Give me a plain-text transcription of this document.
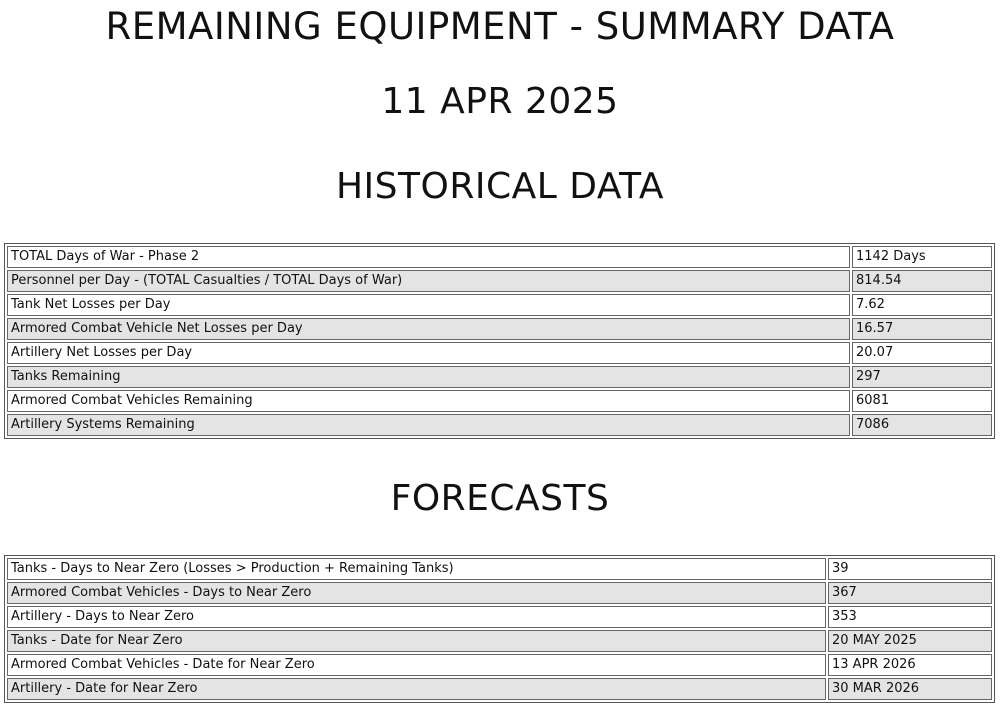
REMAINING EQUIPMENT - SUMMARY DATA
11 APR 2025
HISTORICAL DATA
TOTAL Days of War - Phase 2	1142 Days
Personnel per Day - (TOTAL Casualties / TOTAL Days of War)	814.54
Tank Net Losses per Day	7.62
Armored Combat Vehicle Net Losses per Day	16.57
Artillery Net Losses per Day	20.07
Tanks Remaining	297
Armored Combat Vehicles Remaining	6081
Artillery Systems Remaining	7086
FORECASTS
Tanks - Days to Near Zero (Losses > Production + Remaining Tanks)	39
Armored Combat Vehicles - Days to Near Zero	367
Artillery - Days to Near Zero	353
Tanks - Date for Near Zero	20 MAY 2025
Armored Combat Vehicles - Date for Near Zero	13 APR 2026
Artillery - Date for Near Zero	30 MAR 2026
